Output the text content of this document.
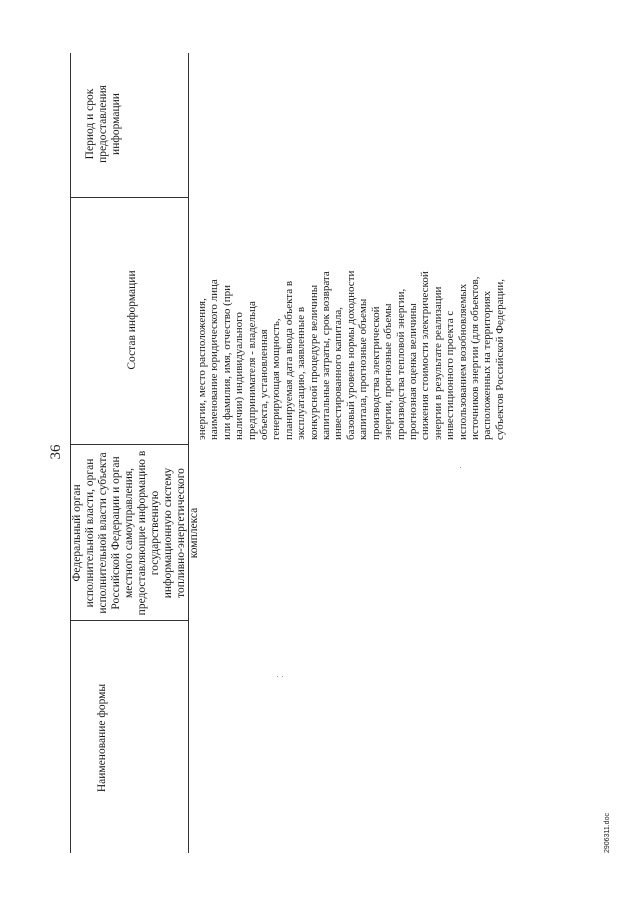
36
Наименование формы
Федеральный орган исполнительной власти, орган исполнительной власти субъекта Российской Федерации и орган местного самоуправления, предоставляющие информацию в государственную информационную систему топливно-энергетического комплекса
Состав информации
Период и срок предоставления информации
энергии, место расположения,
наименование юридического лица
или фамилия, имя, отчество (при
наличии) индивидуального
предпринимателя - владельца
объекта, установленная
генерирующая мощность,
планируемая дата ввода объекта в
эксплуатацию, заявленные в
конкурсной процедуре величины
капитальные затраты, срок возврата
инвестированного капитала,
базовый уровень нормы доходности
капитала, прогнозные объемы
производства электрической
энергии, прогнозные объемы
производства тепловой энергии,
прогнозная оценка величины
снижения стоимости электрической
энергии в результате реализации
инвестиционного проекта с
использованием возобновляемых
источников энергии (для объектов,
расположенных на территориях
субъектов Российской Федерации,
2906311.doc
